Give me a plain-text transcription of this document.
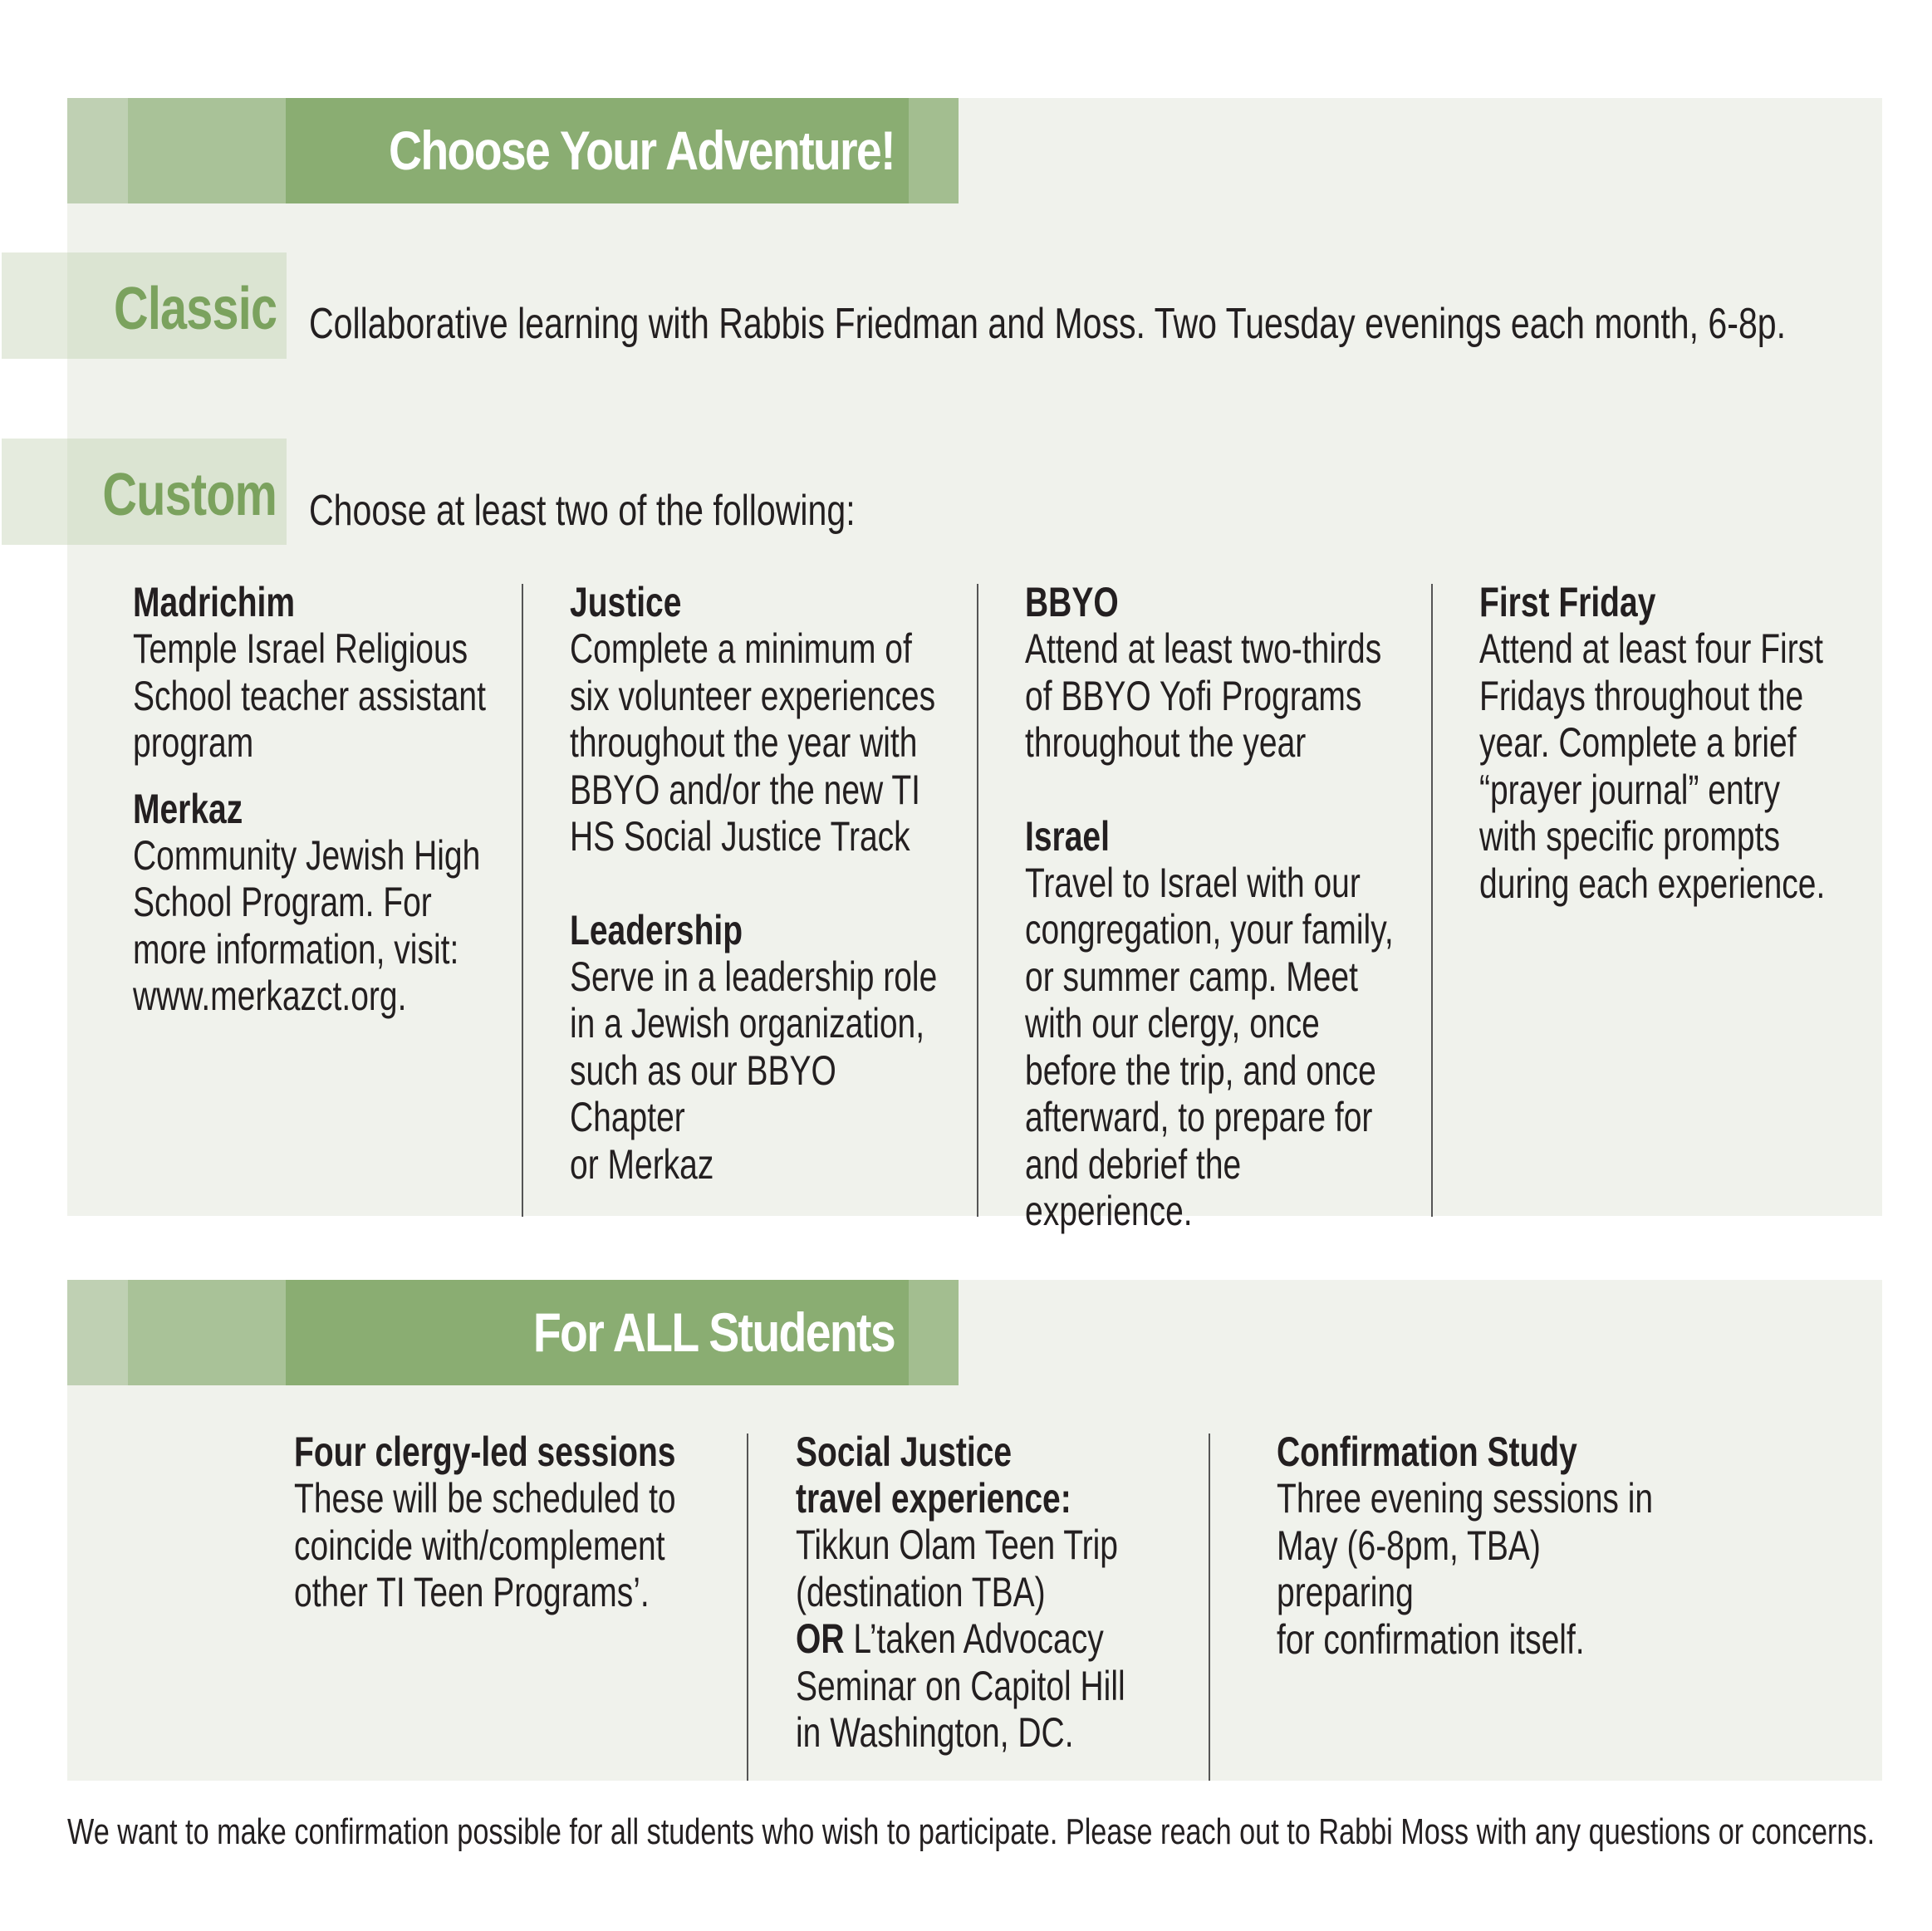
Choose Your Adventure!
Classic Collaborative learning with Rabbis Friedman and Moss. Two Tuesday evenings each month, 6-8p.
Custom Choose at least two of the following:
Madrichim
Temple Israel Religious
School teacher assistant
program
Merkaz
Community Jewish High
School Program. For
more information, visit:
www.merkazct.org.
Justice
Complete a minimum of
six volunteer experiences
throughout the year with
BBYO and/or the new TI
HS Social Justice Track
Leadership
Serve in a leadership role
in a Jewish organization,
such as our BBYO Chapter
or Merkaz
BBYO
Attend at least two-thirds
of BBYO Yofi Programs
throughout the year
Israel
Travel to Israel with our
congregation, your family,
or summer camp. Meet
with our clergy, once
before the trip, and once
afterward, to prepare for
and debrief the experience.
First Friday
Attend at least four First
Fridays throughout the
year. Complete a brief
“prayer journal” entry
with specific prompts
during each experience.
For ALL Students
Four clergy-led sessions
These will be scheduled to
coincide with/complement
other TI Teen Programs’.
Social Justice
travel experience:
Tikkun Olam Teen Trip
(destination TBA)
OR L’taken Advocacy
Seminar on Capitol Hill
in Washington, DC.
Confirmation Study
Three evening sessions in
May (6-8pm, TBA) preparing
for confirmation itself.
We want to make confirmation possible for all students who wish to participate. Please reach out to Rabbi Moss with any questions or concerns.
